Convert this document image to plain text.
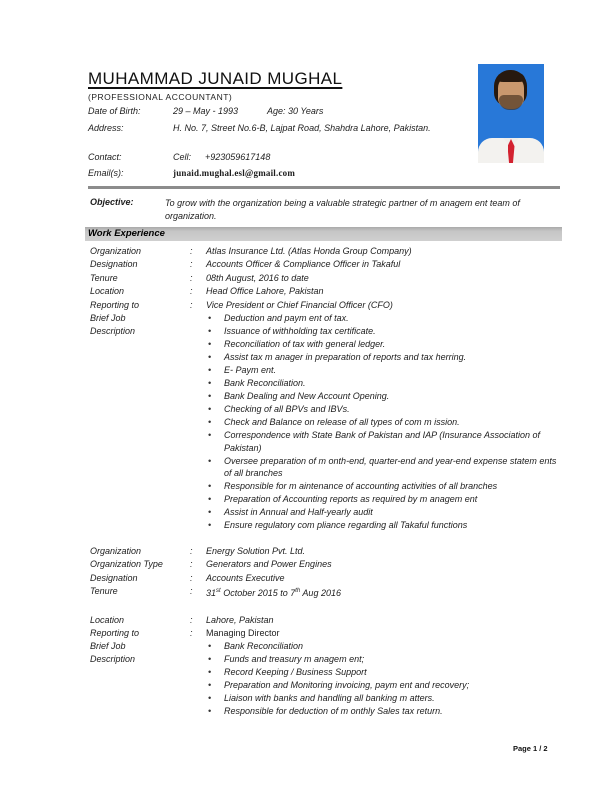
MUHAMMAD JUNAID MUGHAL
(PROFESSIONAL ACCOUNTANT)
Date of Birth:	29 – May - 1993	Age: 30 Years
Address:	H. No. 7, Street No.6-B, Lajpat Road, Shahdra Lahore, Pakistan.
Contact:	Cell:	+923059617148
Email(s):	junaid.mughal.esl@gmail.com
Objective:	To grow with the organization being a valuable strategic partner of m anagem ent team of organization.
Work Experience
Organization	:	Atlas Insurance Ltd. (Atlas Honda Group Company)
Designation	:	Accounts Officer & Compliance Officer in Takaful
Tenure	:	08th August, 2016 to date
Location	:	Head Office Lahore, Pakistan
Reporting to	:	Vice President or Chief Financial Officer (CFO)
Brief Job
Description
•
Deduction and paym ent of tax.
•
Issuance of withholding tax certificate.
•
Reconciliation of tax with general ledger.
•
Assist tax m anager in preparation of reports and tax herring.
•
E- Paym ent.
•
Bank Reconciliation.
•
Bank Dealing and New Account Opening.
•
Checking of all BPVs and IBVs.
•
Check and Balance on release of all types of com m ission.
•
Correspondence with State Bank of Pakistan and IAP (Insurance Association of Pakistan)
•
Oversee preparation of m onth-end, quarter-end and year-end expense statem ents of all branches
•
Responsible for m aintenance of accounting activities of all branches
•
Preparation of Accounting reports as required by m anagem ent
•
Assist in Annual and Half-yearly audit
•
Ensure regulatory com pliance regarding all Takaful functions
Organization	:	Energy Solution Pvt. Ltd.
Organization Type	:	Generators and Power Engines
Designation	:	Accounts Executive
Tenure	:	31st October 2015 to 7th Aug 2016
Location	:	Lahore, Pakistan
Reporting to	:	Managing Director
Brief Job
Description
•
Bank Reconciliation
•
Funds and treasury m anagem ent;
•
Record Keeping / Business Support
•
Preparation and Monitoring invoicing, paym ent and recovery;
•
Liaison with banks and handling all banking m atters.
•
Responsible for deduction of m onthly Sales tax return.
Page 1 / 2
